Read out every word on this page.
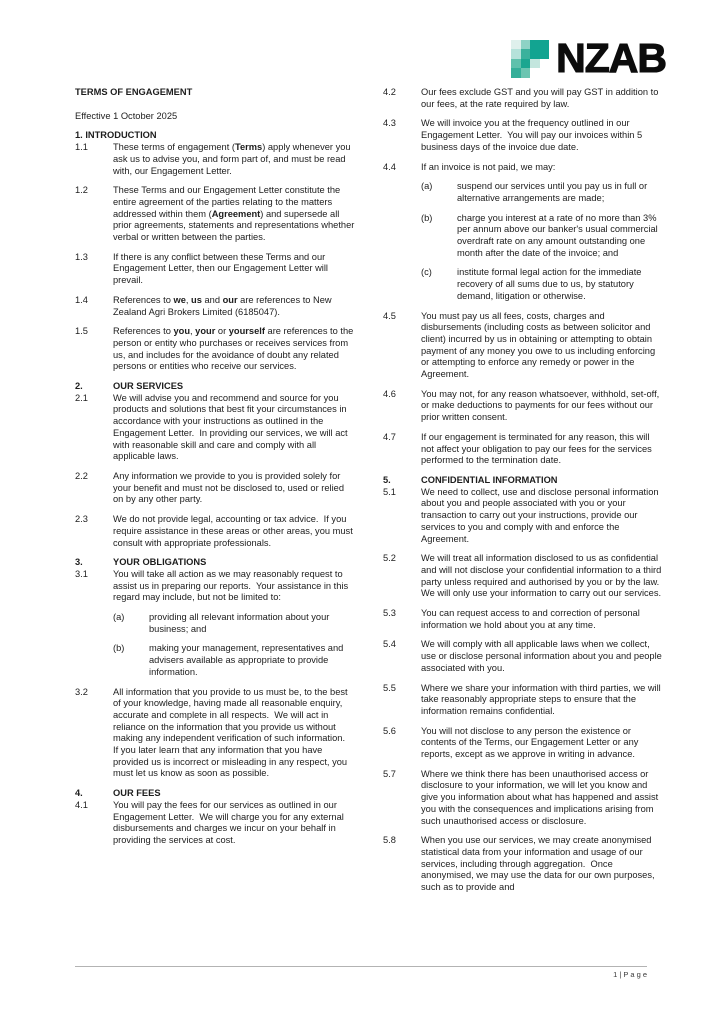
NZAB
TERMS OF ENGAGEMENT
Effective 1 October 2025
1. INTRODUCTION
1.1	These terms of engagement (Terms) apply whenever you ask us to advise you, and form part of, and must be read with, our Engagement Letter.
1.2	These Terms and our Engagement Letter constitute the entire agreement of the parties relating to the matters addressed within them (Agreement) and supersede all prior agreements, statements and representations whether verbal or written between the parties.
1.3	If there is any conflict between these Terms and our Engagement Letter, then our Engagement Letter will prevail.
1.4	References to we, us and our are references to New Zealand Agri Brokers Limited (6185047).
1.5	References to you, your or yourself are references to the person or entity who purchases or receives services from us, and includes for the avoidance of doubt any related persons or entities who receive our services.
2.	OUR SERVICES
2.1	We will advise you and recommend and source for you products and solutions that best fit your circumstances in accordance with your instructions as outlined in the Engagement Letter.  In providing our services, we will act with reasonable skill and care and comply with all applicable laws.
2.2	Any information we provide to you is provided solely for your benefit and must not be disclosed to, used or relied on by any other party.
2.3	We do not provide legal, accounting or tax advice.  If you require assistance in these areas or other areas, you must consult with appropriate professionals.
3.	YOUR OBLIGATIONS
3.1	You will take all action as we may reasonably request to assist us in preparing our reports.  Your assistance in this regard may include, but not be limited to:
(a)	providing all relevant information about your business; and
(b)	making your management, representatives and advisers available as appropriate to provide information.
3.2	All information that you provide to us must be, to the best of your knowledge, having made all reasonable enquiry, accurate and complete in all respects.  We will act in reliance on the information that you provide us without making any independent verification of such information.  If you later learn that any information that you have provided us is incorrect or misleading in any respect, you must let us know as soon as possible.
4.	OUR FEES
4.1	You will pay the fees for our services as outlined in our Engagement Letter.  We will charge you for any external disbursements and charges we incur on your behalf in providing the services at cost.
4.2	Our fees exclude GST and you will pay GST in addition to our fees, at the rate required by law.
4.3	We will invoice you at the frequency outlined in our Engagement Letter.  You will pay our invoices within 5 business days of the invoice due date.
4.4	If an invoice is not paid, we may:
(a)	suspend our services until you pay us in full or alternative arrangements are made;
(b)	charge you interest at a rate of no more than 3% per annum above our banker's usual commercial overdraft rate on any amount outstanding one month after the date of the invoice; and
(c)	institute formal legal action for the immediate recovery of all sums due to us, by statutory demand, litigation or otherwise.
4.5	You must pay us all fees, costs, charges and disbursements (including costs as between solicitor and client) incurred by us in obtaining or attempting to obtain payment of any money you owe to us including enforcing or attempting to enforce any remedy or power in the Agreement.
4.6	You may not, for any reason whatsoever, withhold, set-off, or make deductions to payments for our fees without our prior written consent.
4.7	If our engagement is terminated for any reason, this will not affect your obligation to pay our fees for the services performed to the termination date.
5.	CONFIDENTIAL INFORMATION
5.1	We need to collect, use and disclose personal information about you and people associated with you or your transaction to carry out your instructions, provide our services to you and comply with and enforce the Agreement.
5.2	We will treat all information disclosed to us as confidential and will not disclose your confidential information to a third party unless required and authorised by you or by the law.  We will only use your information to carry out our services.
5.3	You can request access to and correction of personal information we hold about you at any time.
5.4	We will comply with all applicable laws when we collect, use or disclose personal information about you and people associated with you.
5.5	Where we share your information with third parties, we will take reasonably appropriate steps to ensure that the information remains confidential.
5.6	You will not disclose to any person the existence or contents of the Terms, our Engagement Letter or any reports, except as we approve in writing in advance.
5.7	Where we think there has been unauthorised access or disclosure to your information, we will let you know and give you information about what has happened and assist you with the consequences and implications arising from such unauthorised access or disclosure.
5.8	When you use our services, we may create anonymised statistical data from your information and usage of our services, including through aggregation.  Once anonymised, we may use the data for our own purposes, such as to provide and
1 | P a g e
